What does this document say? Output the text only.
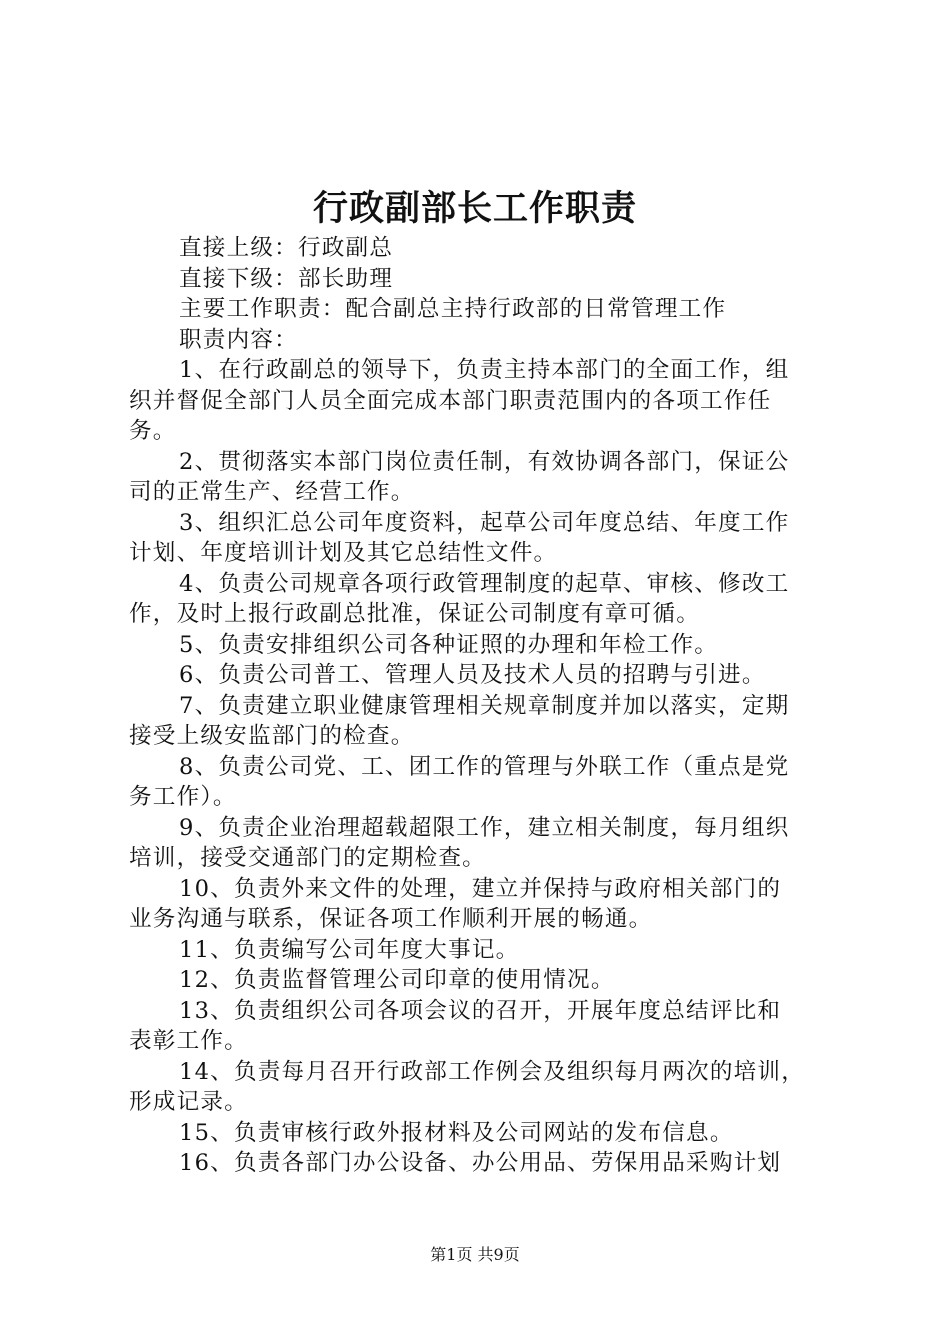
行政副部长工作职责

直接上级：行政副总

直接下级：部长助理

主要工作职责：配合副总主持行政部的日常管理工作

职责内容：

1、在行政副总的领导下，负责主持本部门的全面工作，组

织并督促全部门人员全面完成本部门职责范围内的各项工作任

务。

2、贯彻落实本部门岗位责任制，有效协调各部门，保证公

司的正常生产、经营工作。

3、组织汇总公司年度资料，起草公司年度总结、年度工作

计划、年度培训计划及其它总结性文件。

4、负责公司规章各项行政管理制度的起草、审核、修改工

作，及时上报行政副总批准，保证公司制度有章可循。

5、负责安排组织公司各种证照的办理和年检工作。

6、负责公司普工、管理人员及技术人员的招聘与引进。

7、负责建立职业健康管理相关规章制度并加以落实，定期

接受上级安监部门的检查。

8、负责公司党、工、团工作的管理与外联工作（重点是党

务工作）。

9、负责企业治理超载超限工作，建立相关制度，每月组织

培训，接受交通部门的定期检查。

10、负责外来文件的处理，建立并保持与政府相关部门的

业务沟通与联系，保证各项工作顺利开展的畅通。

11、负责编写公司年度大事记。

12、负责监督管理公司印章的使用情况。

13、负责组织公司各项会议的召开，开展年度总结评比和

表彰工作。

14、负责每月召开行政部工作例会及组织每月两次的培训，

形成记录。

15、负责审核行政外报材料及公司网站的发布信息。

16、负责各部门办公设备、办公用品、劳保用品采购计划

第1页 共9页
